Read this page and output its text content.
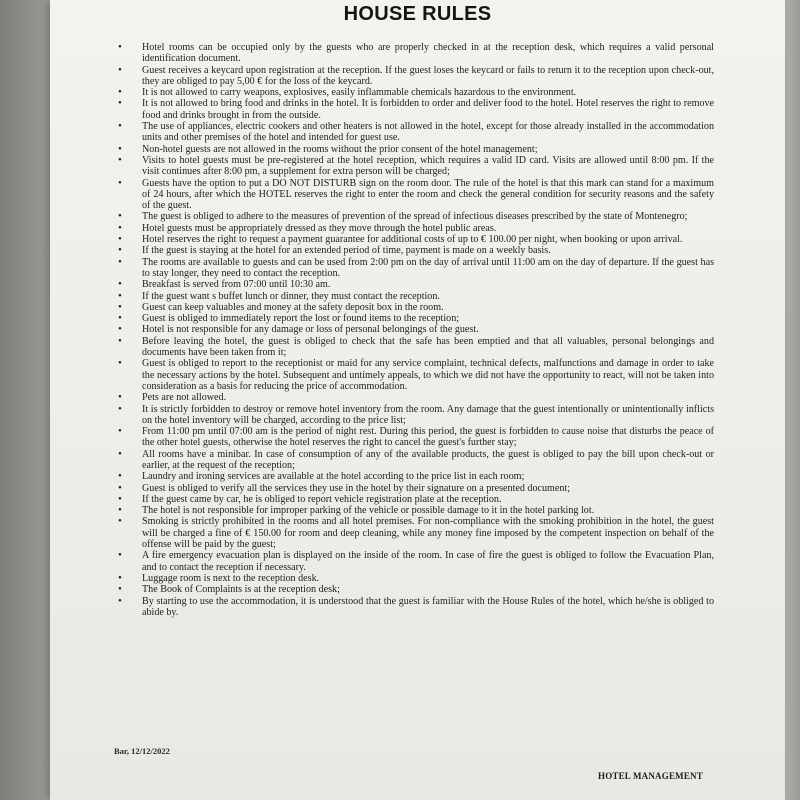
HOUSE RULES
• Hotel rooms can be occupied only by the guests who are properly checked in at the reception desk, which requires a valid personal identification document.
• Guest receives a keycard upon registration at the reception. If the guest loses the keycard or fails to return it to the reception upon check-out, they are obliged to pay 5,00 € for the loss of the keycard.
• It is not allowed to carry weapons, explosives, easily inflammable chemicals hazardous to the environment.
• It is not allowed to bring food and drinks in the hotel. It is forbidden to order and deliver food to the hotel. Hotel reserves the right to remove food and drinks brought in from the outside.
• The use of appliances, electric cookers and other heaters is not allowed in the hotel, except for those already installed in the accommodation units and other premises of the hotel and intended for guest use.
• Non-hotel guests are not allowed in the rooms without the prior consent of the hotel management;
• Visits to hotel guests must be pre-registered at the hotel reception, which requires a valid ID card. Visits are allowed until 8:00 pm. If the visit continues after 8:00 pm, a supplement for extra person will be charged;
• Guests have the option to put a DO NOT DISTURB sign on the room door. The rule of the hotel is that this mark can stand for a maximum of 24 hours, after which the HOTEL reserves the right to enter the room and check the general condition for security reasons and the safety of the guest.
• The guest is obliged to adhere to the measures of prevention of the spread of infectious diseases prescribed by the state of Montenegro;
• Hotel guests must be appropriately dressed as they move through the hotel public areas.
• Hotel reserves the right to request a payment guarantee for additional costs of up to € 100.00 per night, when booking or upon arrival.
• If the guest is staying at the hotel for an extended period of time, payment is made on a weekly basis.
• The rooms are available to guests and can be used from 2:00 pm on the day of arrival until 11:00 am on the day of departure. If the guest has to stay longer, they need to contact the reception.
• Breakfast is served from 07:00 until 10:30 am.
• If the guest want s buffet lunch or dinner, they must contact the reception.
• Guest can keep valuables and money at the safety deposit box in the room.
• Guest is obliged to immediately report the lost or found items to the reception;
• Hotel is not responsible for any damage or loss of personal belongings of the guest.
• Before leaving the hotel, the guest is obliged to check that the safe has been emptied and that all valuables, personal belongings and documents have been taken from it;
• Guest is obliged to report to the receptionist or maid for any service complaint, technical defects, malfunctions and damage in order to take the necessary actions by the hotel. Subsequent and untimely appeals, to which we did not have the opportunity to react, will not be taken into consideration as a basis for reducing the price of accommodation.
• Pets are not allowed.
• It is strictly forbidden to destroy or remove hotel inventory from the room. Any damage that the guest intentionally or unintentionally inflicts on the hotel inventory will be charged, according to the price list;
• From 11:00 pm until 07:00 am is the period of night rest. During this period, the guest is forbidden to cause noise that disturbs the peace of the other hotel guests, otherwise the hotel reserves the right to cancel the guest's further stay;
• All rooms have a minibar. In case of consumption of any of the available products, the guest is obliged to pay the bill upon check-out or earlier, at the request of the reception;
• Laundry and ironing services are available at the hotel according to the price list in each room;
• Guest is obliged to verify all the services they use in the hotel by their signature on a presented document;
• If the guest came by car, he is obliged to report vehicle registration plate at the reception.
• The hotel is not responsible for improper parking of the vehicle or possible damage to it in the hotel parking lot.
• Smoking is strictly prohibited in the rooms and all hotel premises. For non-compliance with the smoking prohibition in the hotel, the guest will be charged a fine of € 150.00 for room and deep cleaning, while any money fine imposed by the competent inspection on behalf of the offense will be paid by the guest;
• A fire emergency evacuation plan is displayed on the inside of the room. In case of fire the guest is obliged to follow the Evacuation Plan, and to contact the reception if necessary.
• Luggage room is next to the reception desk.
• The Book of Complaints is at the reception desk;
• By starting to use the accommodation, it is understood that the guest is familiar with the House Rules of the hotel, which he/she is obliged to abide by.
Bar, 12/12/2022
HOTEL MANAGEMENT
